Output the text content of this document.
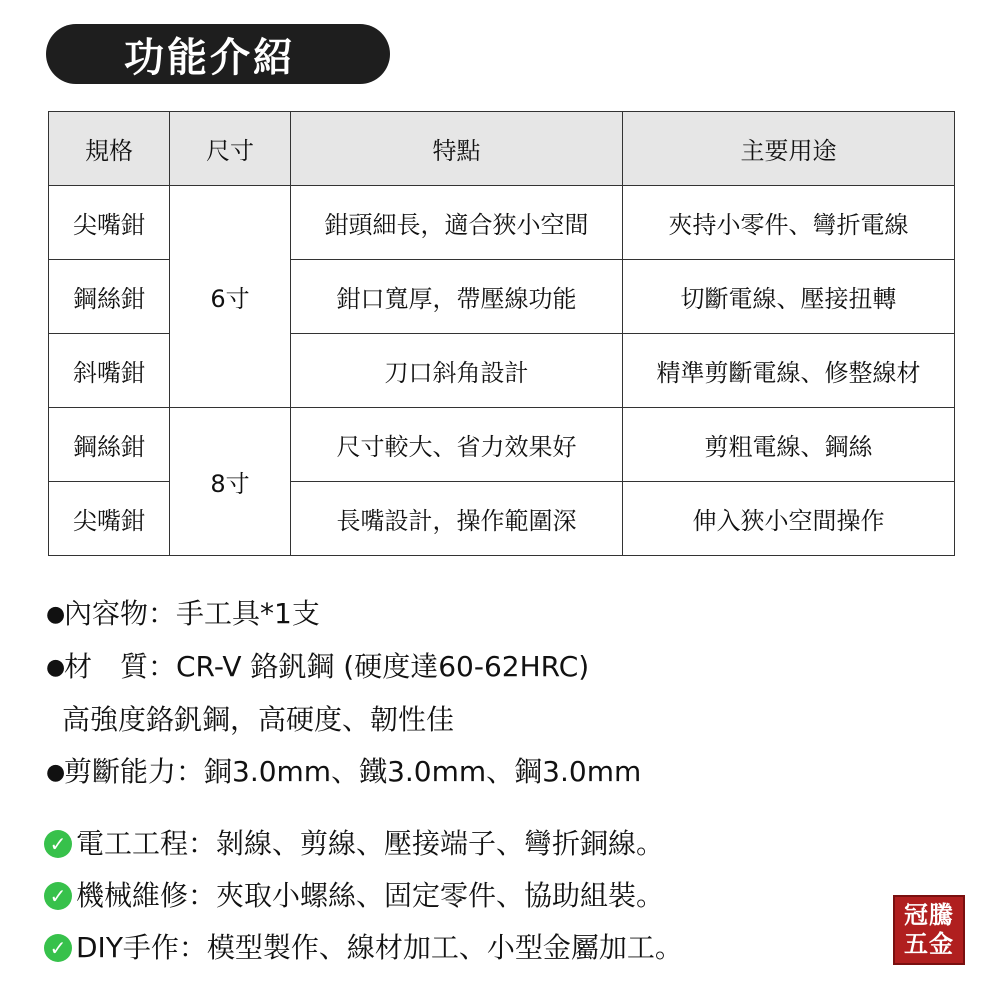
功能介紹
規格	尺寸	特點	主要用途
尖嘴鉗	6寸	鉗頭細長，適合狹小空間	夾持小零件、彎折電線
鋼絲鉗		鉗口寬厚，帶壓線功能	切斷電線、壓接扭轉
斜嘴鉗		刀口斜角設計	精準剪斷電線、修整線材
鋼絲鉗	8寸	尺寸較大、省力效果好	剪粗電線、鋼絲
尖嘴鉗		長嘴設計，操作範圍深	伸入狹小空間操作
●內容物：手工具*1支
●材　質：CR-V 鉻釩鋼 (硬度達60-62HRC)
高強度鉻釩鋼，高硬度、韌性佳
●剪斷能力：銅3.0mm、鐵3.0mm、鋼3.0mm
✓ 電工工程：剝線、剪線、壓接端子、彎折銅線。
✓ 機械維修：夾取小螺絲、固定零件、協助組裝。
✓ DIY手作：模型製作、線材加工、小型金屬加工。
冠騰
五金
